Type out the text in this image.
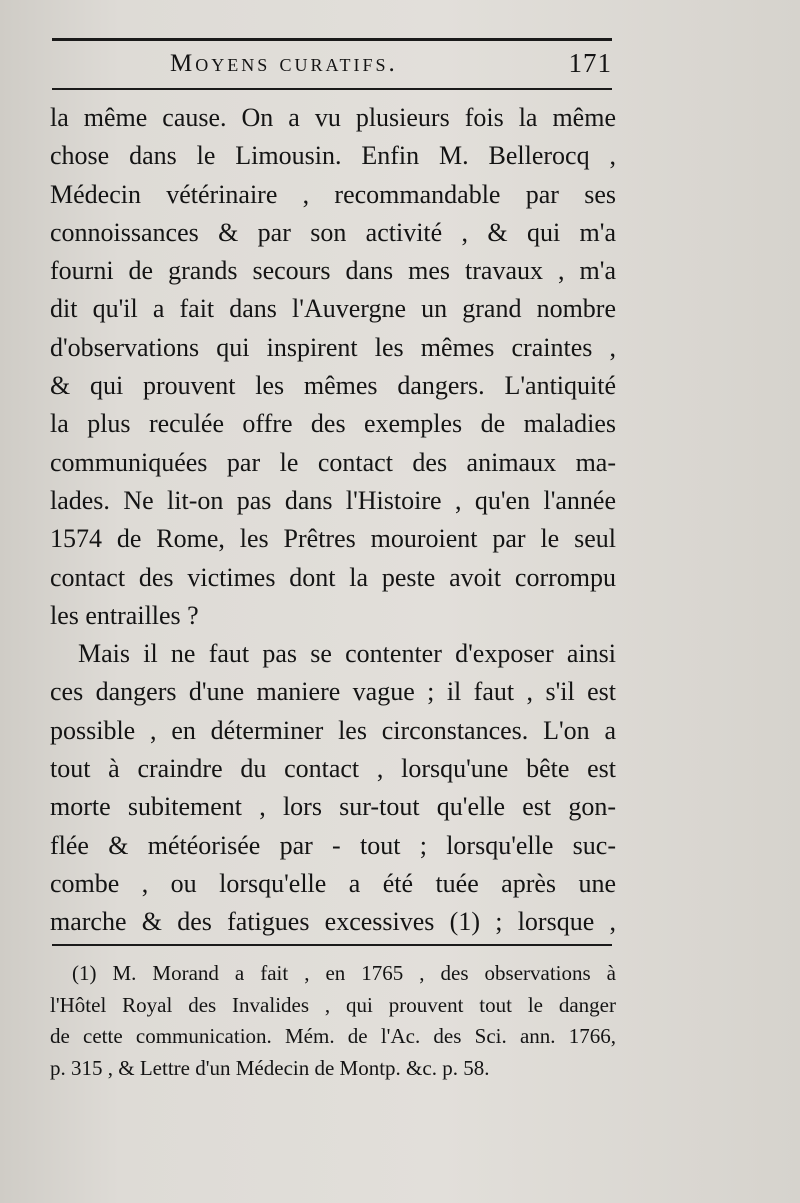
Moyens curatifs.	171
la même cause. On a vu plusieurs fois la même
chose dans le Limousin. Enfin M. Bellerocq ,
Médecin vétérinaire , recommandable par ses
connoissances & par son activité , & qui m'a
fourni de grands secours dans mes travaux , m'a
dit qu'il a fait dans l'Auvergne un grand nombre
d'observations qui inspirent les mêmes craintes ,
& qui prouvent les mêmes dangers. L'antiquité
la plus reculée offre des exemples de maladies
communiquées par le contact des animaux ma-
lades. Ne lit-on pas dans l'Histoire , qu'en l'année
1574 de Rome, les Prêtres mouroient par le seul
contact des victimes dont la peste avoit corrompu
les entrailles ?
Mais il ne faut pas se contenter d'exposer ainsi
ces dangers d'une maniere vague ; il faut , s'il est
possible , en déterminer les circonstances. L'on a
tout à craindre du contact , lorsqu'une bête est
morte subitement , lors sur-tout qu'elle est gon-
flée & météorisée par - tout ; lorsqu'elle suc-
combe , ou lorsqu'elle a été tuée après une
marche & des fatigues excessives (1) ; lorsque ,
(1) M. Morand a fait , en 1765 , des observations à
l'Hôtel Royal des Invalides , qui prouvent tout le danger
de cette communication. Mém. de l'Ac. des Sci. ann. 1766,
p. 315 , & Lettre d'un Médecin de Montp. &c. p. 58.
